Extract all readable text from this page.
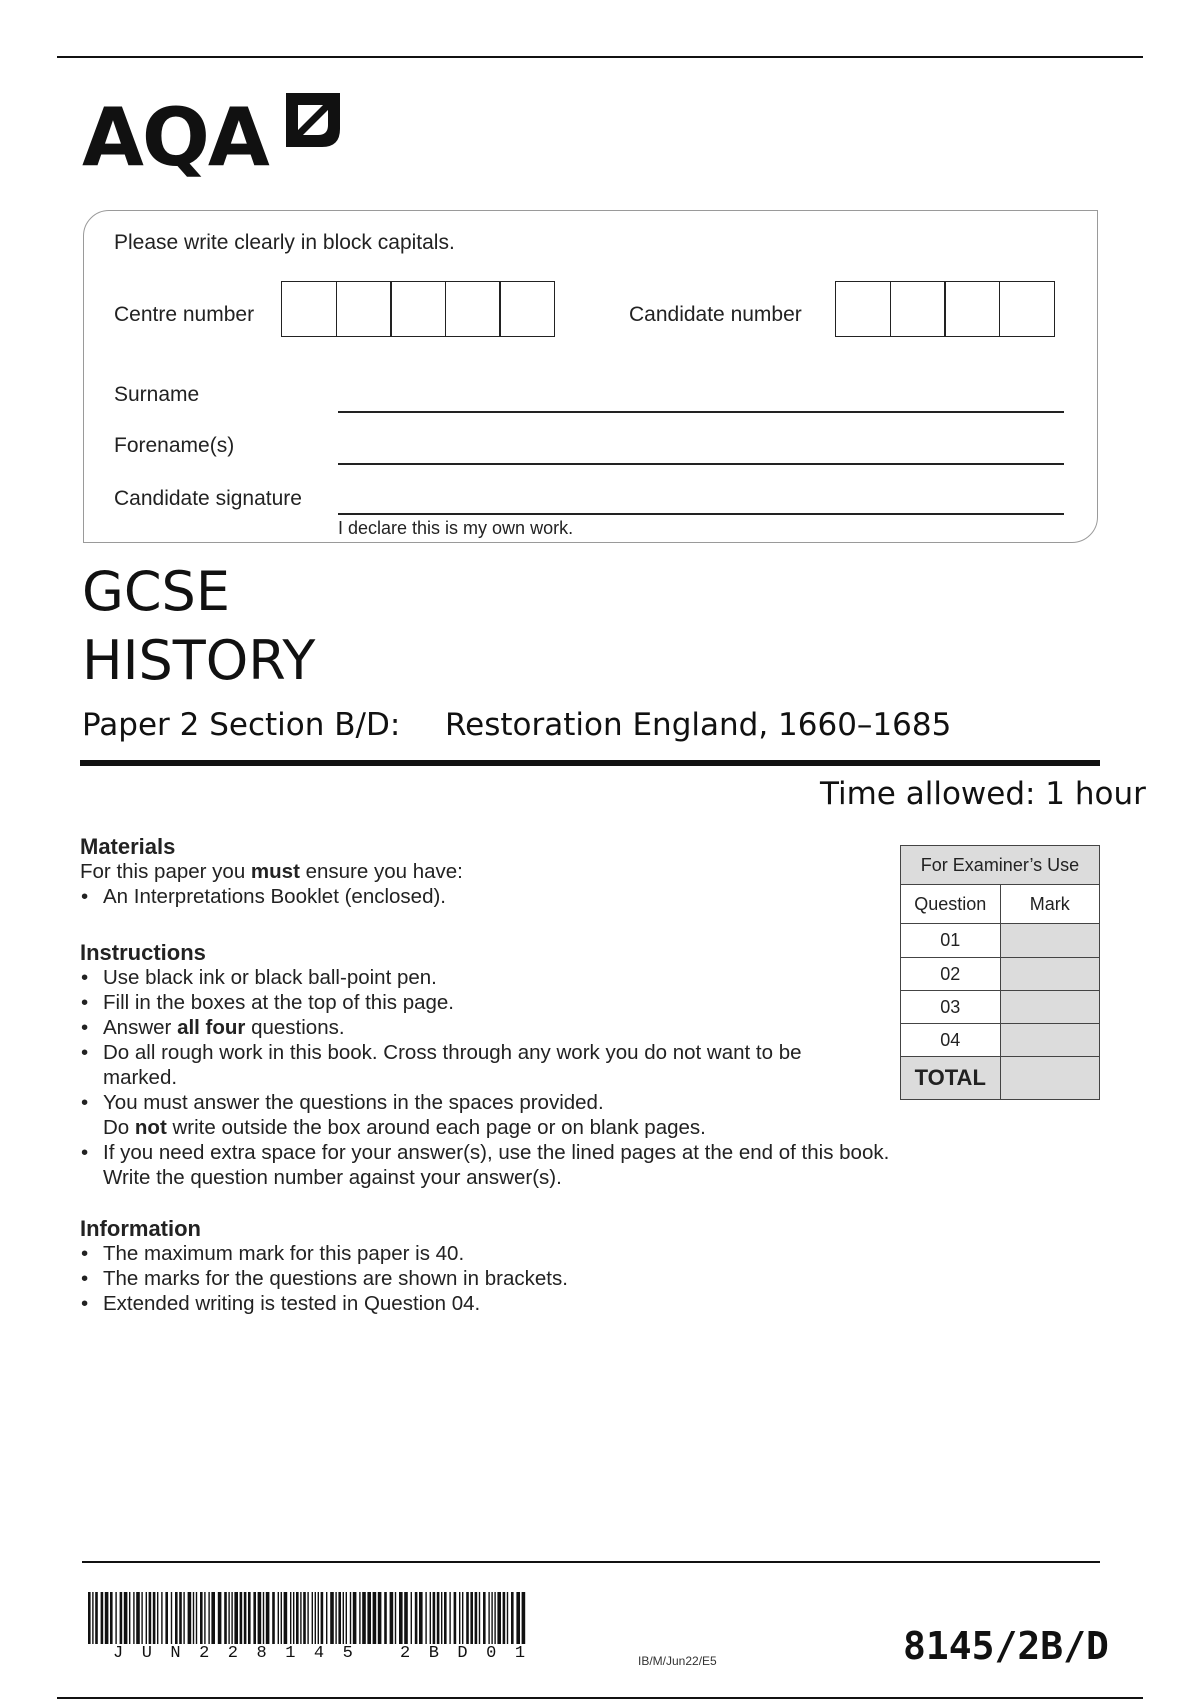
AQA
Please write clearly in block capitals.
Centre number	Candidate number
Surname
Forename(s)
Candidate signature
I declare this is my own work.
GCSE
HISTORY
Paper 2 Section B/D: Restoration England, 1660–1685
Time allowed: 1 hour
Materials
For this paper you must ensure you have:
• An Interpretations Booklet (enclosed).
Instructions
• Use black ink or black ball-point pen.
• Fill in the boxes at the top of this page.
• Answer all four questions.
• Do all rough work in this book. Cross through any work you do not want to be marked.
• You must answer the questions in the spaces provided.
Do not write outside the box around each page or on blank pages.
• If you need extra space for your answer(s), use the lined pages at the end of this book.
Write the question number against your answer(s).
Information
• The maximum mark for this paper is 40.
• The marks for the questions are shown in brackets.
• Extended writing is tested in Question 04.
For Examiner’s Use	
Question	Mark
01	
02	
03	
04	
TOTAL	
JUN228145 2BD01	IB/M/Jun22/E5	8145/2B/D
